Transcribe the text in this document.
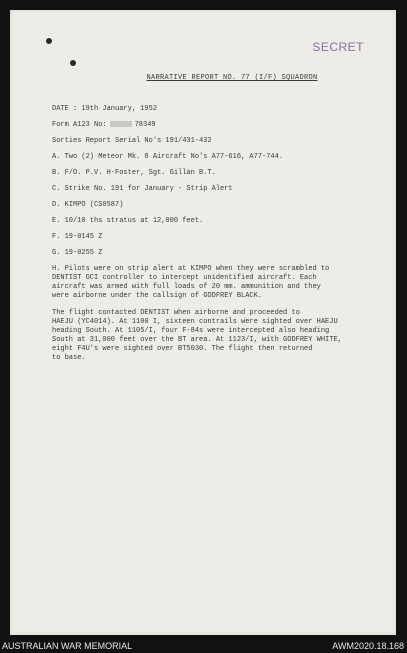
SECRET
NARRATIVE REPORT NO. 77 (I/F) SQUADRON
DATE : 19th January, 1952
Form A123 No:	78349
Sorties Report Serial No's 191/431-432
A. Two (2) Meteor Mk. 8 Aircraft No's A77-616, A77-744.
B. F/O. P.V. H-Foster, Sgt. Gillan B.T.
C. Strike No. 191 for January - Strip Alert
D. KIMPO (CS0587)
E. 10/10 ths stratus at 12,000 feet.
F. 19-0145 Z
G. 19-0255 Z
H. Pilots were on strip alert at KIMPO when they were scrambled to
DENTIST GCI controller to intercept unidentified aircraft. Each
aircraft was armed with full loads of 20 mm. ammunition and they
were airborne under the callsign of GODFREY BLACK.
The flight contacted DENTIST when airborne and proceeded to
HAEJU (YC4014). At 1100 I, sixteen contrails were sighted over HAEJU
heading South. At 1105/I, four F-84s were intercepted also heading
South at 31,000 feet over the BT area. At 1123/I, with GODFREY WHITE,
eight F4U's were sighted over BT5030. The flight then returned
to base.
AUSTRALIAN WAR MEMORIAL	AWM2020.18.168
